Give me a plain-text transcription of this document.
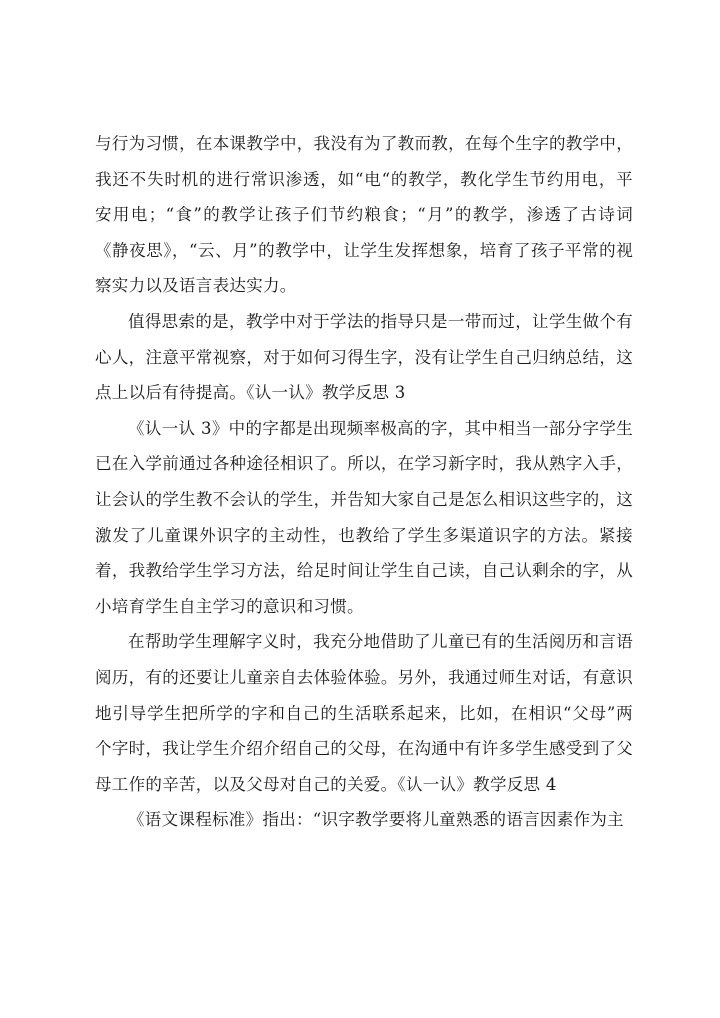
与行为习惯，在本课教学中，我没有为了教而教，在每个生字的教学中，我还不失时机的进行常识渗透，如“电“的教学，教化学生节约用电，平安用电；“食”的教学让孩子们节约粮食；“月”的教学，渗透了古诗词《静夜思》，“云、月”的教学中，让学生发挥想象，培育了孩子平常的视察实力以及语言表达实力。

值得思索的是，教学中对于学法的指导只是一带而过，让学生做个有心人，注意平常视察，对于如何习得生字，没有让学生自己归纳总结，这点上以后有待提高。《认一认》教学反思 3

《认一认 3》中的字都是出现频率极高的字，其中相当一部分字学生已在入学前通过各种途径相识了。所以，在学习新字时，我从熟字入手，让会认的学生教不会认的学生，并告知大家自己是怎么相识这些字的，这激发了儿童课外识字的主动性，也教给了学生多渠道识字的方法。紧接着，我教给学生学习方法，给足时间让学生自己读，自己认剩余的字，从小培育学生自主学习的意识和习惯。

在帮助学生理解字义时，我充分地借助了儿童已有的生活阅历和言语阅历，有的还要让儿童亲自去体验体验。另外，我通过师生对话，有意识地引导学生把所学的字和自己的生活联系起来，比如，在相识“父母”两个字时，我让学生介绍介绍自己的父母，在沟通中有许多学生感受到了父母工作的辛苦，以及父母对自己的关爱。《认一认》教学反思 4

《语文课程标准》指出：“识字教学要将儿童熟悉的语言因素作为主
